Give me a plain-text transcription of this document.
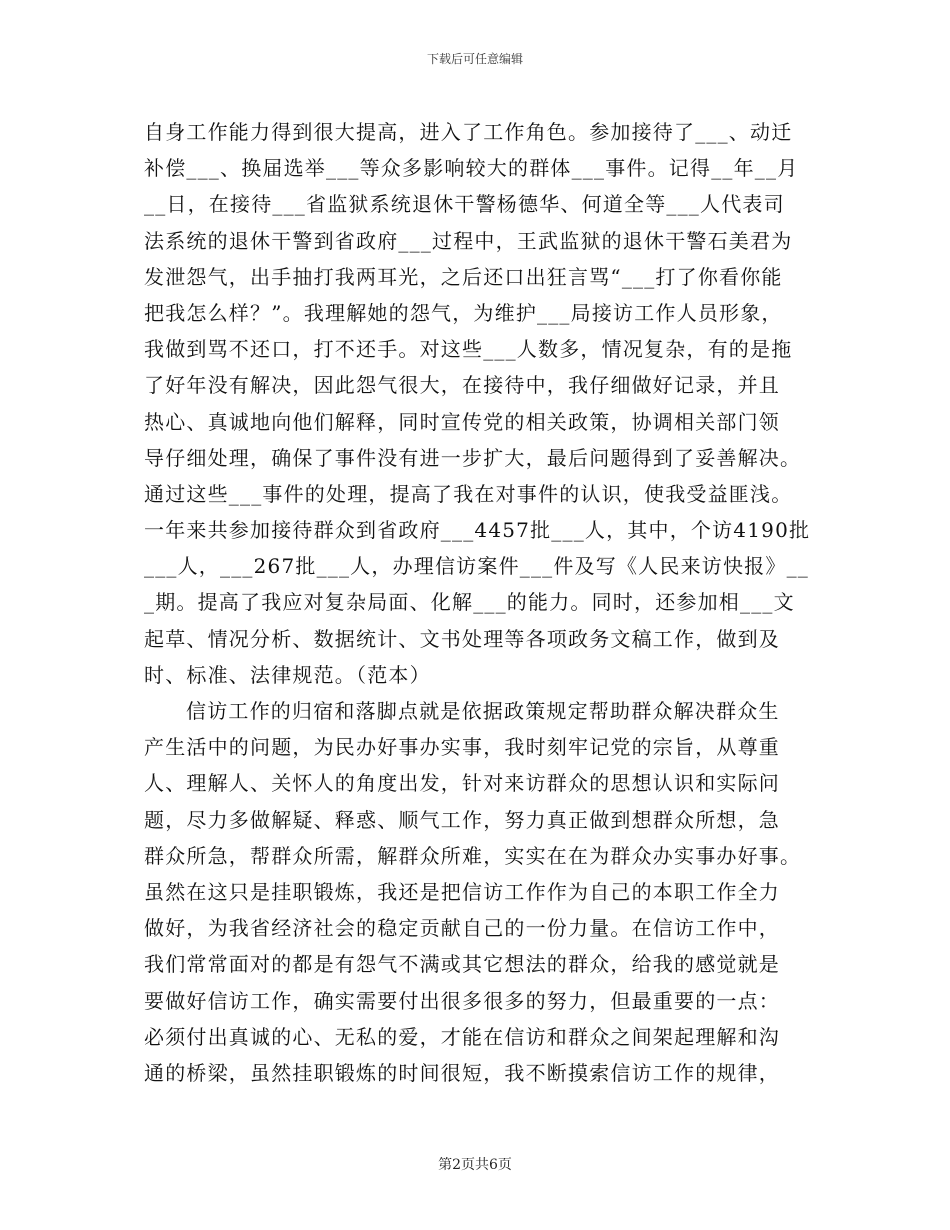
下载后可任意编辑
自身工作能力得到很大提高，进入了工作角色。参加接待了___、动迁
补偿___、换届选举___等众多影响较大的群体___事件。记得__年__月
__日，在接待___省监狱系统退休干警杨德华、何道全等___人代表司
法系统的退休干警到省政府___过程中，王武监狱的退休干警石美君为
发泄怨气，出手抽打我两耳光，之后还口出狂言骂“___打了你看你能
把我怎么样？”。我理解她的怨气，为维护___局接访工作人员形象，
我做到骂不还口，打不还手。对这些___人数多，情况复杂，有的是拖
了好年没有解决，因此怨气很大，在接待中，我仔细做好记录，并且
热心、真诚地向他们解释，同时宣传党的相关政策，协调相关部门领
导仔细处理，确保了事件没有进一步扩大，最后问题得到了妥善解决。
通过这些___事件的处理，提高了我在对事件的认识，使我受益匪浅。
一年来共参加接待群众到省政府___4457批___人，其中，个访4190批
___人，___267批___人，办理信访案件___件及写《人民来访快报》__
_期。提高了我应对复杂局面、化解___的能力。同时，还参加相___文
起草、情况分析、数据统计、文书处理等各项政务文稿工作，做到及
时、标准、法律规范。（范本）
信访工作的归宿和落脚点就是依据政策规定帮助群众解决群众生
产生活中的问题，为民办好事办实事，我时刻牢记党的宗旨，从尊重
人、理解人、关怀人的角度出发，针对来访群众的思想认识和实际问
题，尽力多做解疑、释惑、顺气工作，努力真正做到想群众所想，急
群众所急，帮群众所需，解群众所难，实实在在为群众办实事办好事。
虽然在这只是挂职锻炼，我还是把信访工作作为自己的本职工作全力
做好，为我省经济社会的稳定贡献自己的一份力量。在信访工作中，
我们常常面对的都是有怨气不满或其它想法的群众，给我的感觉就是
要做好信访工作，确实需要付出很多很多的努力，但最重要的一点：
必须付出真诚的心、无私的爱，才能在信访和群众之间架起理解和沟
通的桥梁，虽然挂职锻炼的时间很短，我不断摸索信访工作的规律，
第2页共6页
